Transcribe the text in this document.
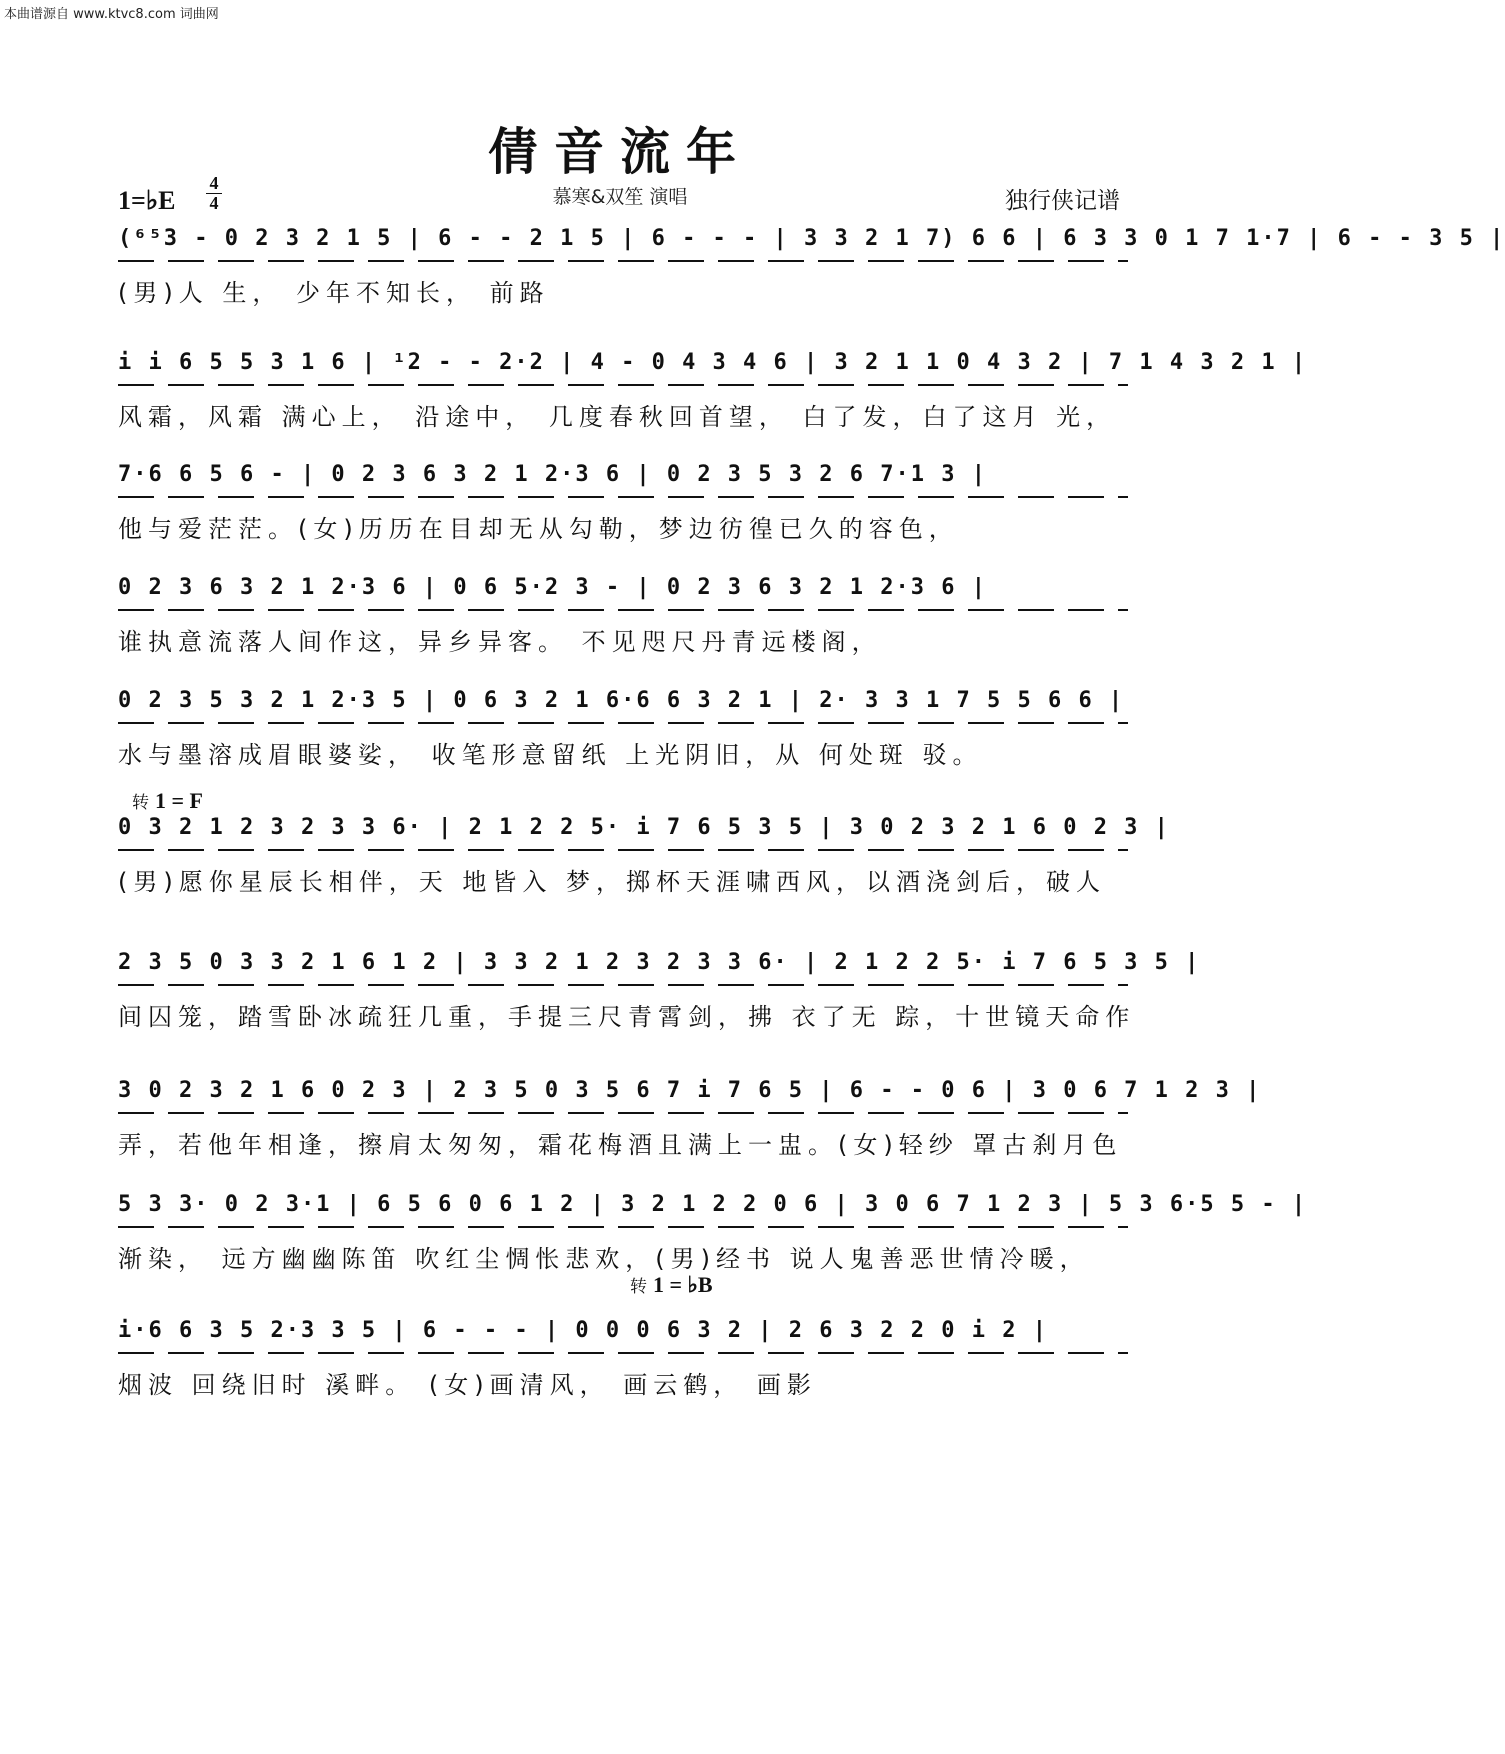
本曲谱源自 www.ktvc8.com 词曲网
倩音流年
1=♭E
4
4	慕寒&双笙 演唱	独行侠记谱
(⁶⁵3 - 0 2 3 2 1 5 | 6 - - 2 1 5 | 6 - - - | 3 3 2 1 7) 6 6 | 6 3 3 0 1 7 1·7 | 6 - - 3 5 |
(男)人 生， 少年不知长， 前路
i i 6 5 5 3 1 6 | ¹2 - - 2·2 | 4 - 0 4 3 4 6 | 3 2 1 1 0 4 3 2 | 7 1 4 3 2 1 |
风霜，风霜 满心上， 沿途中， 几度春秋回首望， 白了发，白了这月 光，
7·6 6 5 6 - | 0 2 3 6 3 2 1 2·3 6 | 0 2 3 5 3 2 6 7·1 3 |
他与爱茫茫。(女)历历在目却无从勾勒，梦边彷徨已久的容色，
0 2 3 6 3 2 1 2·3 6 | 0 6 5·2 3 - | 0 2 3 6 3 2 1 2·3 6 |
谁执意流落人间作这，异乡异客。 不见咫尺丹青远楼阁，
0 2 3 5 3 2 1 2·3 5 | 0 6 3 2 1 6·6 6 3 2 1 | 2· 3 3 1 7 5 5 6 6 |
水与墨溶成眉眼婆娑， 收笔形意留纸 上光阴旧，从 何处斑 驳。
0 3 2 1 2 3 2 3 3 6· | 2 1 2 2 5· i 7 6 5 3 5 | 3 0 2 3 2 1 6 0 2 3 |
(男)愿你星辰长相伴，天 地皆入 梦，掷杯天涯啸西风，以酒浇剑后，破人
2 3 5 0 3 3 2 1 6 1 2 | 3 3 2 1 2 3 2 3 3 6· | 2 1 2 2 5· i 7 6 5 3 5 |
间囚笼，踏雪卧冰疏狂几重，手提三尺青霄剑，拂 衣了无 踪，十世镜天命作
3 0 2 3 2 1 6 0 2 3 | 2 3 5 0 3 5 6 7 i 7 6 5 | 6 - - 0 6 | 3 0 6 7 1 2 3 |
弄，若他年相逢，擦肩太匆匆，霜花梅酒且满上一盅。(女)轻纱 罩古刹月色
5 3 3· 0 2 3·1 | 6 5 6 0 6 1 2 | 3 2 1 2 2 0 6 | 3 0 6 7 1 2 3 | 5 3 6·5 5 - |
渐染， 远方幽幽陈笛 吹红尘惆怅悲欢，(男)经书 说人鬼善恶世情冷暖，
i·6 6 3 5 2·3 3 5 | 6 - - - | 0 0 0 6 3 2 | 2 6 3 2 2 0 i 2 |
烟波 回绕旧时 溪畔。 (女)画清风， 画云鹤， 画影
转 1 = F
转 1 = ♭B
